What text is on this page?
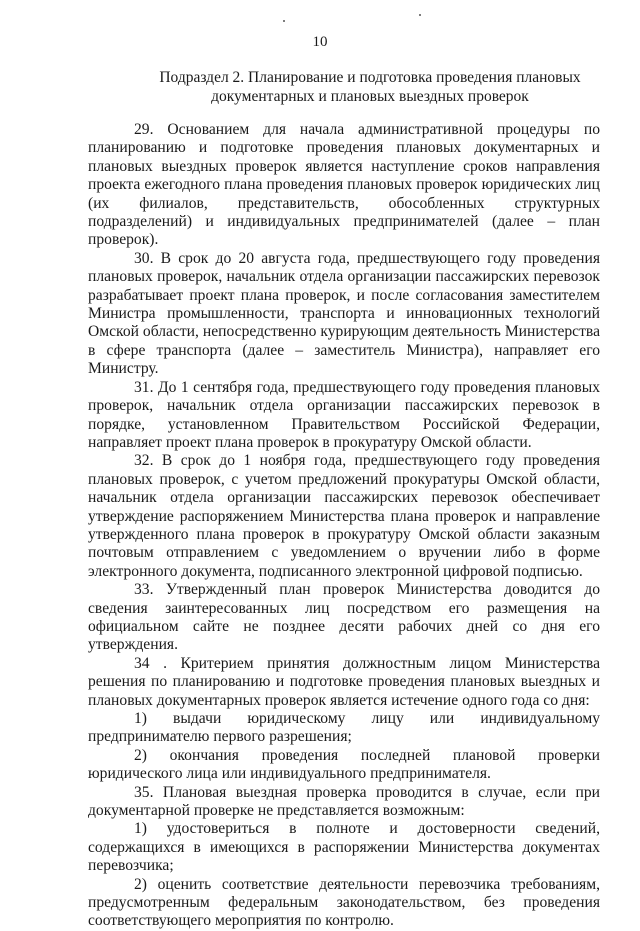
10
Подраздел 2. Планирование и подготовка проведения плановых
документарных и плановых выездных проверок

29. Основанием для начала административной процедуры по планированию и подготовке проведения плановых документарных и плановых выездных проверок является наступление сроков направления проекта ежегодного плана проведения плановых проверок юридических лиц (их филиалов, представительств, обособленных структурных подразделений) и индивидуальных предпринимателей (далее – план проверок).

30. В срок до 20 августа года, предшествующего году проведения плановых проверок, начальник отдела организации пассажирских перевозок разрабатывает проект плана проверок, и после согласования заместителем Министра промышленности, транспорта и инновационных технологий Омской области, непосредственно курирующим деятельность Министерства в сфере транспорта (далее – заместитель Министра), направляет его Министру.

31. До 1 сентября года, предшествующего году проведения плановых проверок, начальник отдела организации пассажирских перевозок в порядке, установленном Правительством Российской Федерации, направляет проект плана проверок в прокуратуру Омской области.

32. В срок до 1 ноября года, предшествующего году проведения плановых проверок, с учетом предложений прокуратуры Омской области, начальник отдела организации пассажирских перевозок обеспечивает утверждение распоряжением Министерства плана проверок и направление утвержденного плана проверок в прокуратуру Омской области заказным почтовым отправлением с уведомлением о вручении либо в форме электронного документа, подписанного электронной цифровой подписью.

33. Утвержденный план проверок Министерства доводится до сведения заинтересованных лиц посредством его размещения на официальном сайте не позднее десяти рабочих дней со дня его утверждения.

34 . Критерием принятия должностным лицом Министерства решения по планированию и подготовке проведения плановых выездных и плановых документарных проверок является истечение одного года со дня:

1) выдачи юридическому лицу или индивидуальному предпринимателю первого разрешения;

2) окончания проведения последней плановой проверки юридического лица или индивидуального предпринимателя.

35. Плановая выездная проверка проводится в случае, если при документарной проверке не представляется возможным:

1) удостовериться в полноте и достоверности сведений, содержащихся в имеющихся в распоряжении Министерства документах перевозчика;

2) оценить соответствие деятельности перевозчика требованиям, предусмотренным федеральным законодательством, без проведения соответствующего мероприятия по контролю.
